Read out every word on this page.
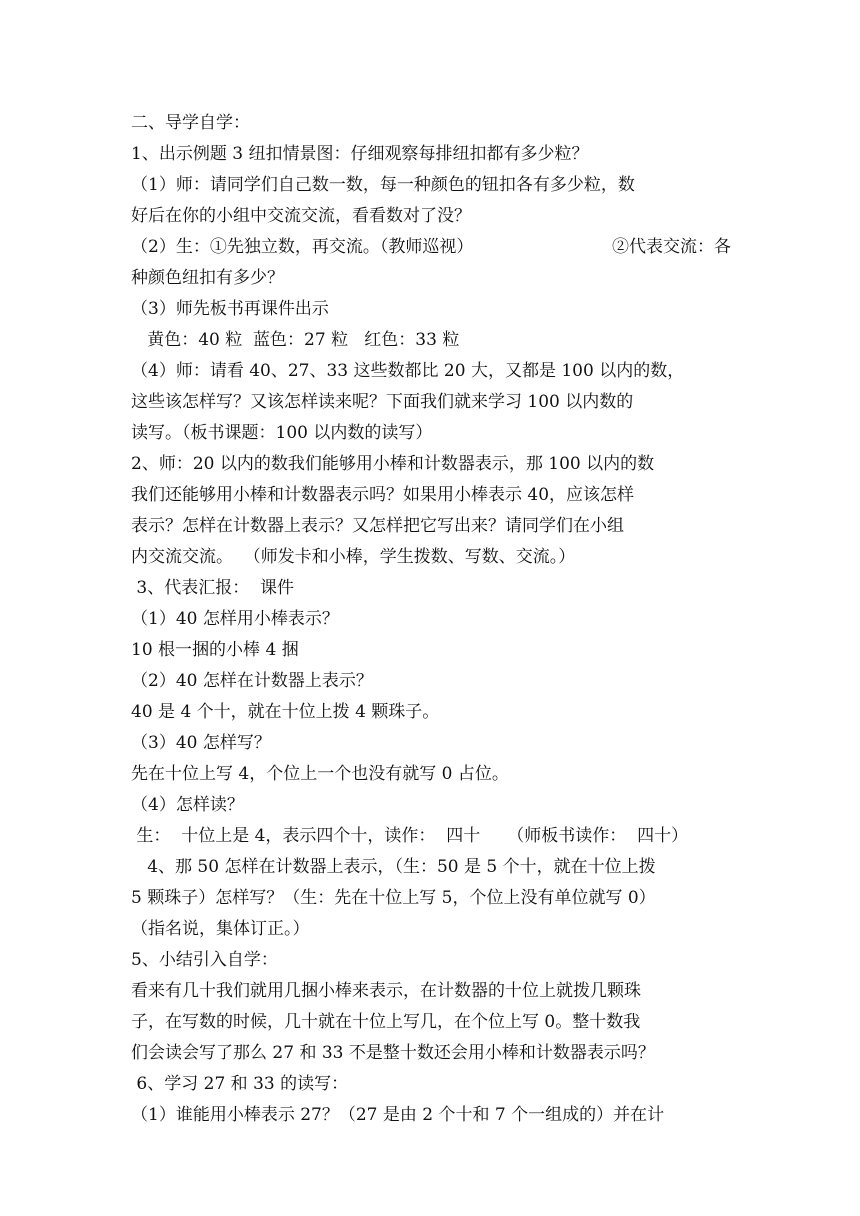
二、导学自学：
1、出示例题 3 纽扣情景图：仔细观察每排纽扣都有多少粒？
（1）师：请同学们自己数一数，每一种颜色的钮扣各有多少粒，数
好后在你的小组中交流交流，看看数对了没？
（2）生：①先独立数，再交流。（教师巡视）	②代表交流：各
种颜色纽扣有多少？
（3）师先板书再课件出示
黄色：40 粒  蓝色：27 粒   红色：33 粒
（4）师：请看 40、27、33 这些数都比 20 大，又都是 100 以内的数，
这些该怎样写？又该怎样读来呢？下面我们就来学习 100 以内数的
读写。（板书课题：100 以内数的读写）
2、师：20 以内的数我们能够用小棒和计数器表示，那 100 以内的数
我们还能够用小棒和计数器表示吗？如果用小棒表示 40，应该怎样
表示？怎样在计数器上表示？又怎样把它写出来？请同学们在小组
内交流交流。  （师发卡和小棒，学生拨数、写数、交流。）
3、代表汇报：  课件
（1）40 怎样用小棒表示？
10 根一捆的小棒 4 捆
（2）40 怎样在计数器上表示？
40 是 4 个十，就在十位上拨 4 颗珠子。
（3）40 怎样写？
先在十位上写 4，个位上一个也没有就写 0 占位。
（4）怎样读？
生：  十位上是 4，表示四个十，读作：  四十     （师板书读作：  四十）
4、那 50 怎样在计数器上表示，（生：50 是 5 个十，就在十位上拨
5 颗珠子）怎样写？（生：先在十位上写 5，个位上没有单位就写 0）
（指名说，集体订正。）
5、小结引入自学：
看来有几十我们就用几捆小棒来表示，在计数器的十位上就拨几颗珠
子，在写数的时候，几十就在十位上写几，在个位上写 0。整十数我
们会读会写了那么 27 和 33 不是整十数还会用小棒和计数器表示吗？
6、学习 27 和 33 的读写：
（1）谁能用小棒表示 27？（27 是由 2 个十和 7 个一组成的）并在计
